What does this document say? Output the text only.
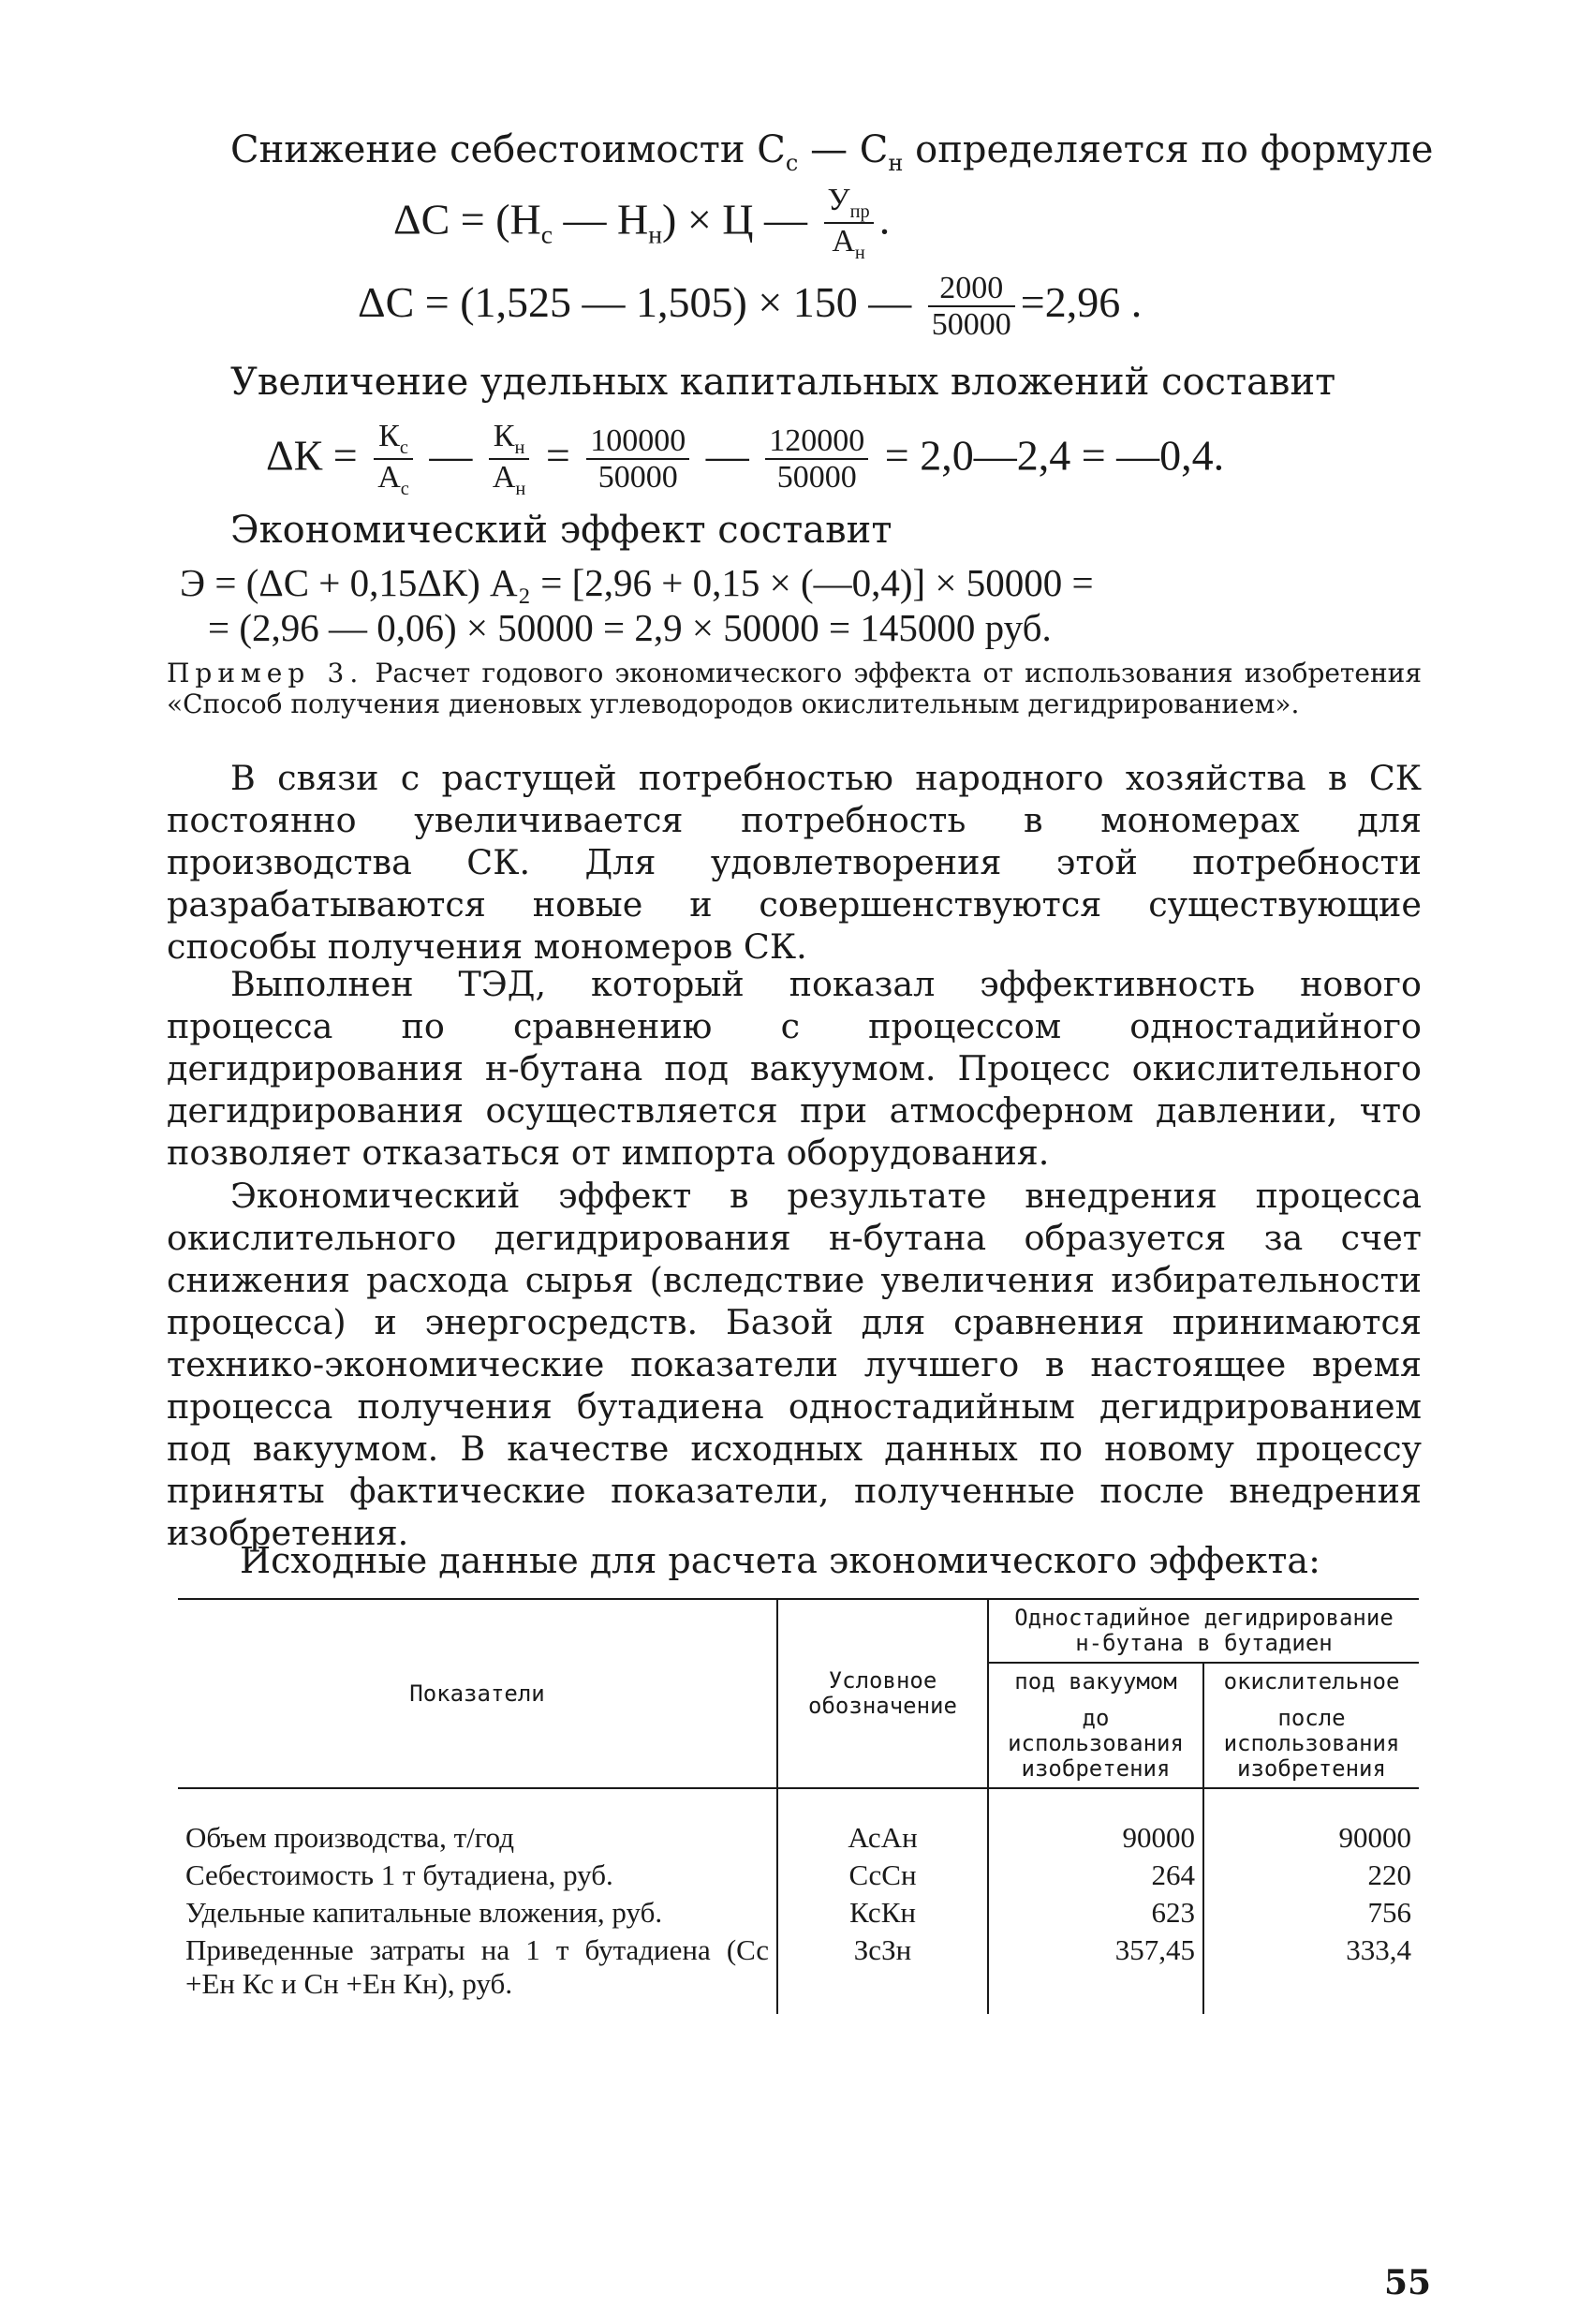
Снижение себестоимости $С_с$ — $С_н$ определяется по формуле
$\Delta С = (Н_с$ — $Н_н) \times Ц$ — $\frac{У_{пр}}{А_н}$ .
ΔС = (1,525 — 1,505) × 150 — $\frac{2000}{50000} =2,96$ .
Увеличение удельных капитальных вложений составит
$\Delta К = \frac{К_с}{А_с}$ — $\frac{К_н}{А_н} = \frac{100000}{50000}$ — $\frac{120000}{50000}$ = 2,0—2,4 = —0,4.
Экономический эффект составит
Э = (ΔС + 0,15ΔК) А₂ = [2,96 + 0,15 × (—0,4)] × 50000 =
= (2,96 — 0,06) × 50000 = 2,9 × 50000 = 145000 руб.
Пример 3. Расчет годового экономического эффекта от использования изобретения «Способ получения диеновых углеводородов окислительным дегидрированием».
В связи с растущей потребностью народного хозяйства в СК постоянно увеличивается потребность в мономерах для производства СК. Для удовлетворения этой потребности разрабатываются новые и совершенствуются существующие способы получения мономеров СК.
Выполнен ТЭД, который показал эффективность нового процесса по сравнению с процессом одностадийного дегидрирования н-бутана под вакуумом. Процесс окислительного дегидрирования осуществляется при атмосферном давлении, что позволяет отказаться от импорта оборудования.
Экономический эффект в результате внедрения процесса окислительного дегидрирования н-бутана образуется за счет снижения расхода сырья (вследствие увеличения избирательности процесса) и энергосредств. Базой для сравнения принимаются технико-экономические показатели лучшего в настоящее время процесса получения бутадиена одностадийным дегидрированием под вакуумом. В качестве исходных данных по новому процессу приняты фактические показатели, полученные после внедрения изобретения.
Исходные данные для расчета экономического эффекта:
Показатели	Условное обозначение	Одностадийное дегидрирование н-бутана в бутадиен	
		под вакуумом	окислительное
		до использования изобретения	после использования изобретения
Объем производства, т/год	АсАн	90000	90000
Себестоимость 1 т бутадиена, руб.	СсСн	264	220
Удельные капитальные вложения, руб.	КсКн	623	756
Приведенные затраты на 1 т бутадиена (Сс +Ен Кс и Сн +Ен Кн), руб.	ЗсЗн	357,45	333,4
55
